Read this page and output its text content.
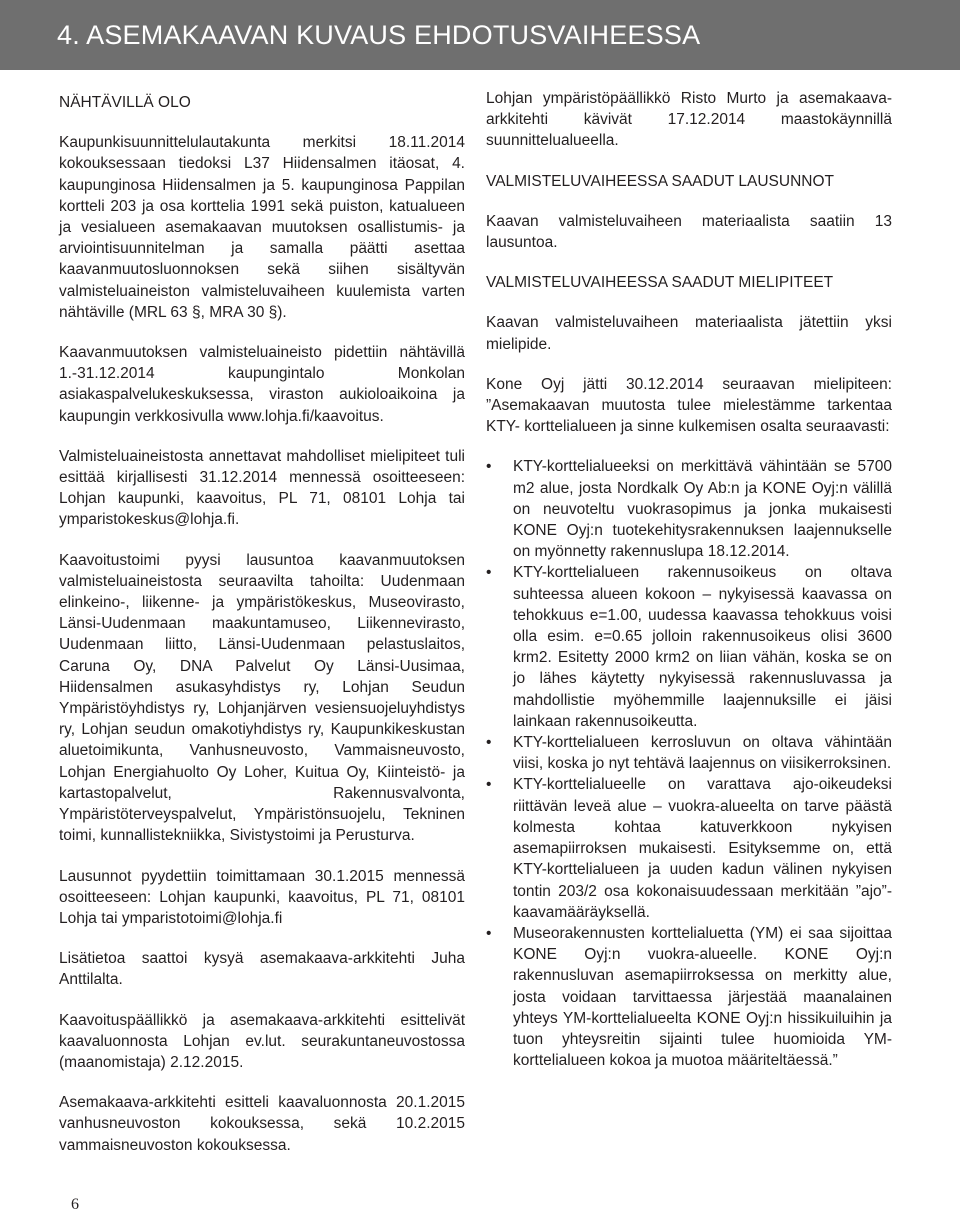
4. ASEMAKAAVAN KUVAUS EHDOTUSVAIHEESSA
NÄHTÄVILLÄ OLO

Kaupunkisuunnittelulautakunta merkitsi 18.11.2014 kokouksessaan tiedoksi L37 Hiidensalmen itäosat, 4. kaupunginosa Hiidensalmen ja 5. kaupunginosa Pappilan kortteli 203 ja osa korttelia 1991 sekä puiston, katualueen ja vesialueen asemakaavan muutoksen osallistumis- ja arviointisuunnitelman ja samalla päätti asettaa kaavanmuutosluonnoksen sekä siihen sisältyvän valmisteluaineiston valmisteluvaiheen kuulemista varten nähtäville (MRL 63 §, MRA 30 §).

Kaavanmuutoksen valmisteluaineisto pidettiin nähtävillä 1.-31.12.2014 kaupungintalo Monkolan asiakaspalvelukeskuksessa, viraston aukioloaikoina ja kaupungin verkkosivulla www.lohja.fi/kaavoitus.

Valmisteluaineistosta annettavat mahdolliset mielipiteet tuli esittää kirjallisesti 31.12.2014 mennessä osoitteeseen: Lohjan kaupunki, kaavoitus, PL 71, 08101 Lohja tai ymparistokeskus@lohja.fi.

Kaavoitustoimi pyysi lausuntoa kaavanmuutoksen valmisteluaineistosta seuraavilta tahoilta: Uudenmaan elinkeino-, liikenne- ja ympäristökeskus, Museovirasto, Länsi-Uudenmaan maakuntamuseo, Liikennevirasto, Uudenmaan liitto, Länsi-Uudenmaan pelastuslaitos, Caruna Oy, DNA Palvelut Oy Länsi-Uusimaa, Hiidensalmen asukasyhdistys ry, Lohjan Seudun Ympäristöyhdistys ry, Lohjanjärven vesiensuojeluyhdistys ry, Lohjan seudun omakotiyhdistys ry, Kaupunkikeskustan aluetoimikunta, Vanhusneuvosto, Vammaisneuvosto, Lohjan Energiahuolto Oy Loher, Kuitua Oy, Kiinteistö- ja kartastopalvelut, Rakennusvalvonta, Ympäristöterveyspalvelut, Ympäristönsuojelu, Tekninen toimi, kunnallistekniikka, Sivistystoimi ja Perusturva.

Lausunnot pyydettiin toimittamaan 30.1.2015 mennessä osoitteeseen: Lohjan kaupunki, kaavoitus, PL 71, 08101 Lohja tai ymparistotoimi@lohja.fi

Lisätietoa saattoi kysyä asemakaava-arkkitehti Juha Anttilalta.

Kaavoituspäällikkö ja asemakaava-arkkitehti esittelivät kaavaluonnosta Lohjan ev.lut. seurakuntaneuvostossa (maanomistaja) 2.12.2015.

Asemakaava-arkkitehti esitteli kaavaluonnosta 20.1.2015 vanhusneuvoston kokouksessa, sekä 10.2.2015 vammaisneuvoston kokouksessa.

Lohjan ympäristöpäällikkö Risto Murto ja asemakaava-arkkitehti kävivät 17.12.2014 maastokäynnillä suunnittelualueella.

VALMISTELUVAIHEESSA SAADUT LAUSUNNOT

Kaavan valmisteluvaiheen materiaalista saatiin 13 lausuntoa.

VALMISTELUVAIHEESSA SAADUT MIELIPITEET

Kaavan valmisteluvaiheen materiaalista jätettiin yksi mielipide.

Kone Oyj jätti 30.12.2014 seuraavan mielipiteen: ”Asemakaavan muutosta tulee mielestämme tarkentaa KTY- korttelialueen ja sinne kulkemisen osalta seuraavasti:

• KTY-korttelialueeksi on merkittävä vähintään se 5700 m2 alue, josta Nordkalk Oy Ab:n ja KONE Oyj:n välillä on neuvoteltu vuokrasopimus ja jonka mukaisesti KONE Oyj:n tuotekehitysrakennuksen laajennukselle on myönnetty rakennuslupa 18.12.2014.
• KTY-korttelialueen rakennusoikeus on oltava suhteessa alueen kokoon – nykyisessä kaavassa on tehokkuus e=1.00, uudessa kaavassa tehokkuus voisi olla esim. e=0.65 jolloin rakennusoikeus olisi 3600 krm2. Esitetty 2000 krm2 on liian vähän, koska se on jo lähes käytetty nykyisessä rakennusluvassa ja mahdollistie myöhemmille laajennuksille ei jäisi lainkaan rakennusoikeutta.
• KTY-korttelialueen kerrosluvun on oltava vähintään viisi, koska jo nyt tehtävä laajennus on viisikerroksinen.
• KTY-korttelialueelle on varattava ajo-oikeudeksi riittävän leveä alue – vuokra-alueelta on tarve päästä kolmesta kohtaa katuverkkoon nykyisen asemapiirroksen mukaisesti. Esityksemme on, että KTY-korttelialueen ja uuden kadun välinen nykyisen tontin 203/2 osa kokonaisuudessaan merkitään ”ajo”-kaavamääräyksellä.
• Museorakennusten korttelialuetta (YM) ei saa sijoittaa KONE Oyj:n vuokra-alueelle. KONE Oyj:n rakennusluvan asemapiirroksessa on merkitty alue, josta voidaan tarvittaessa järjestää maanalainen yhteys YM-korttelialueelta KONE Oyj:n hissikuiluihin ja tuon yhteysreitin sijainti tulee huomioida YM-korttelialueen kokoa ja muotoa määriteltäessä.”
6
